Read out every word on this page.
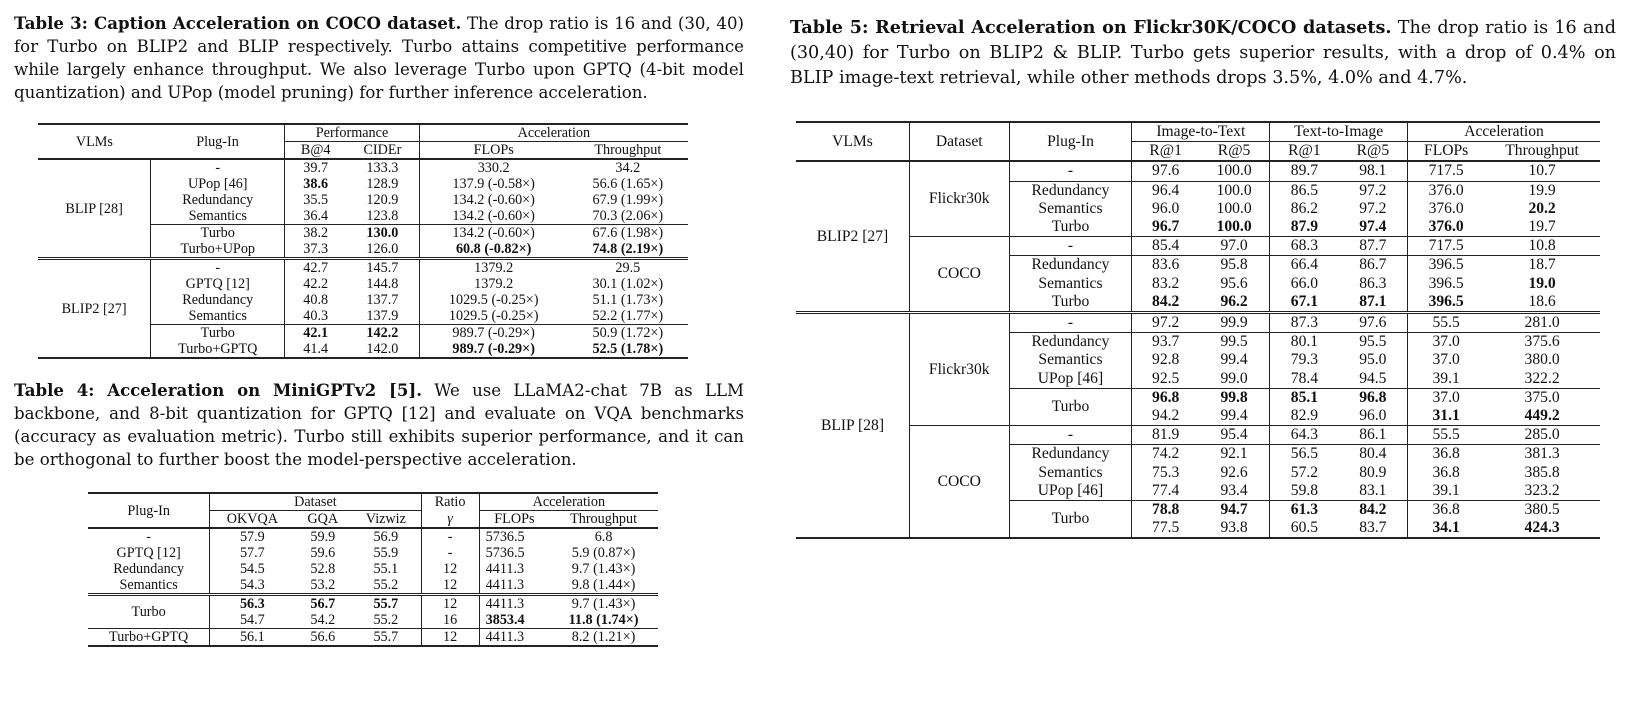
Table 3: Caption Acceleration on COCO dataset. The drop ratio is 16 and (30, 40) for Turbo on BLIP2 and BLIP respectively. Turbo attains competitive performance while largely enhance throughput. We also leverage Turbo upon GPTQ (4-bit model quantization) and UPop (model pruning) for further inference acceleration.

VLMs	Plug-In	Performance		Acceleration	
		B@4	CIDEr	FLOPs	Throughput
BLIP [28]	-	39.7	133.3	330.2	34.2
	UPop [46]	38.6	128.9	137.9 (-0.58×)	56.6 (1.65×)
	Redundancy	35.5	120.9	134.2 (-0.60×)	67.9 (1.99×)
	Semantics	36.4	123.8	134.2 (-0.60×)	70.3 (2.06×)
	Turbo	38.2	130.0	134.2 (-0.60×)	67.6 (1.98×)
	Turbo+UPop	37.3	126.0	60.8 (-0.82×)	74.8 (2.19×)
BLIP2 [27]	-	42.7	145.7	1379.2	29.5
	GPTQ [12]	42.2	144.8	1379.2	30.1 (1.02×)
	Redundancy	40.8	137.7	1029.5 (-0.25×)	51.1 (1.73×)
	Semantics	40.3	137.9	1029.5 (-0.25×)	52.2 (1.77×)
	Turbo	42.1	142.2	989.7 (-0.29×)	50.9 (1.72×)
	Turbo+GPTQ	41.4	142.0	989.7 (-0.29×)	52.5 (1.78×)

Table 4: Acceleration on MiniGPTv2 [5]. We use LLaMA2-chat 7B as LLM backbone, and 8-bit quantization for GPTQ [12] and evaluate on VQA benchmarks (accuracy as evaluation metric). Turbo still exhibits superior performance, and it can be orthogonal to further boost the model-perspective acceleration.

Plug-In	Dataset			Ratio	Acceleration	
	OKVQA	GQA	Vizwiz	γ	FLOPs	Throughput
-	57.9	59.9	56.9	-	5736.5	6.8
GPTQ [12]	57.7	59.6	55.9	-	5736.5	5.9 (0.87×)
Redundancy	54.5	52.8	55.1	12	4411.3	9.7 (1.43×)
Semantics	54.3	53.2	55.2	12	4411.3	9.8 (1.44×)
Turbo	56.3	56.7	55.7	12	4411.3	9.7 (1.43×)
	54.7	54.2	55.2	16	3853.4	11.8 (1.74×)
Turbo+GPTQ	56.1	56.6	55.7	12	4411.3	8.2 (1.21×)

Table 5: Retrieval Acceleration on Flickr30K/COCO datasets. The drop ratio is 16 and (30,40) for Turbo on BLIP2 & BLIP. Turbo gets superior results, with a drop of 0.4% on BLIP image-text retrieval, while other methods drops 3.5%, 4.0% and 4.7%.

VLMs	Dataset	Plug-In	Image-to-Text		Text-to-Image		Acceleration	
			R@1	R@5	R@1	R@5	FLOPs	Throughput
BLIP2 [27]	Flickr30k	-	97.6	100.0	89.7	98.1	717.5	10.7
		Redundancy	96.4	100.0	86.5	97.2	376.0	19.9
		Semantics	96.0	100.0	86.2	97.2	376.0	20.2
		Turbo	96.7	100.0	87.9	97.4	376.0	19.7
	COCO	-	85.4	97.0	68.3	87.7	717.5	10.8
		Redundancy	83.6	95.8	66.4	86.7	396.5	18.7
		Semantics	83.2	95.6	66.0	86.3	396.5	19.0
		Turbo	84.2	96.2	67.1	87.1	396.5	18.6
BLIP [28]	Flickr30k	-	97.2	99.9	87.3	97.6	55.5	281.0
		Redundancy	93.7	99.5	80.1	95.5	37.0	375.6
		Semantics	92.8	99.4	79.3	95.0	37.0	380.0
		UPop [46]	92.5	99.0	78.4	94.5	39.1	322.2
		Turbo	96.8	99.8	85.1	96.8	37.0	375.0
			94.2	99.4	82.9	96.0	31.1	449.2
	COCO	-	81.9	95.4	64.3	86.1	55.5	285.0
		Redundancy	74.2	92.1	56.5	80.4	36.8	381.3
		Semantics	75.3	92.6	57.2	80.9	36.8	385.8
		UPop [46]	77.4	93.4	59.8	83.1	39.1	323.2
		Turbo	78.8	94.7	61.3	84.2	36.8	380.5
			77.5	93.8	60.5	83.7	34.1	424.3
